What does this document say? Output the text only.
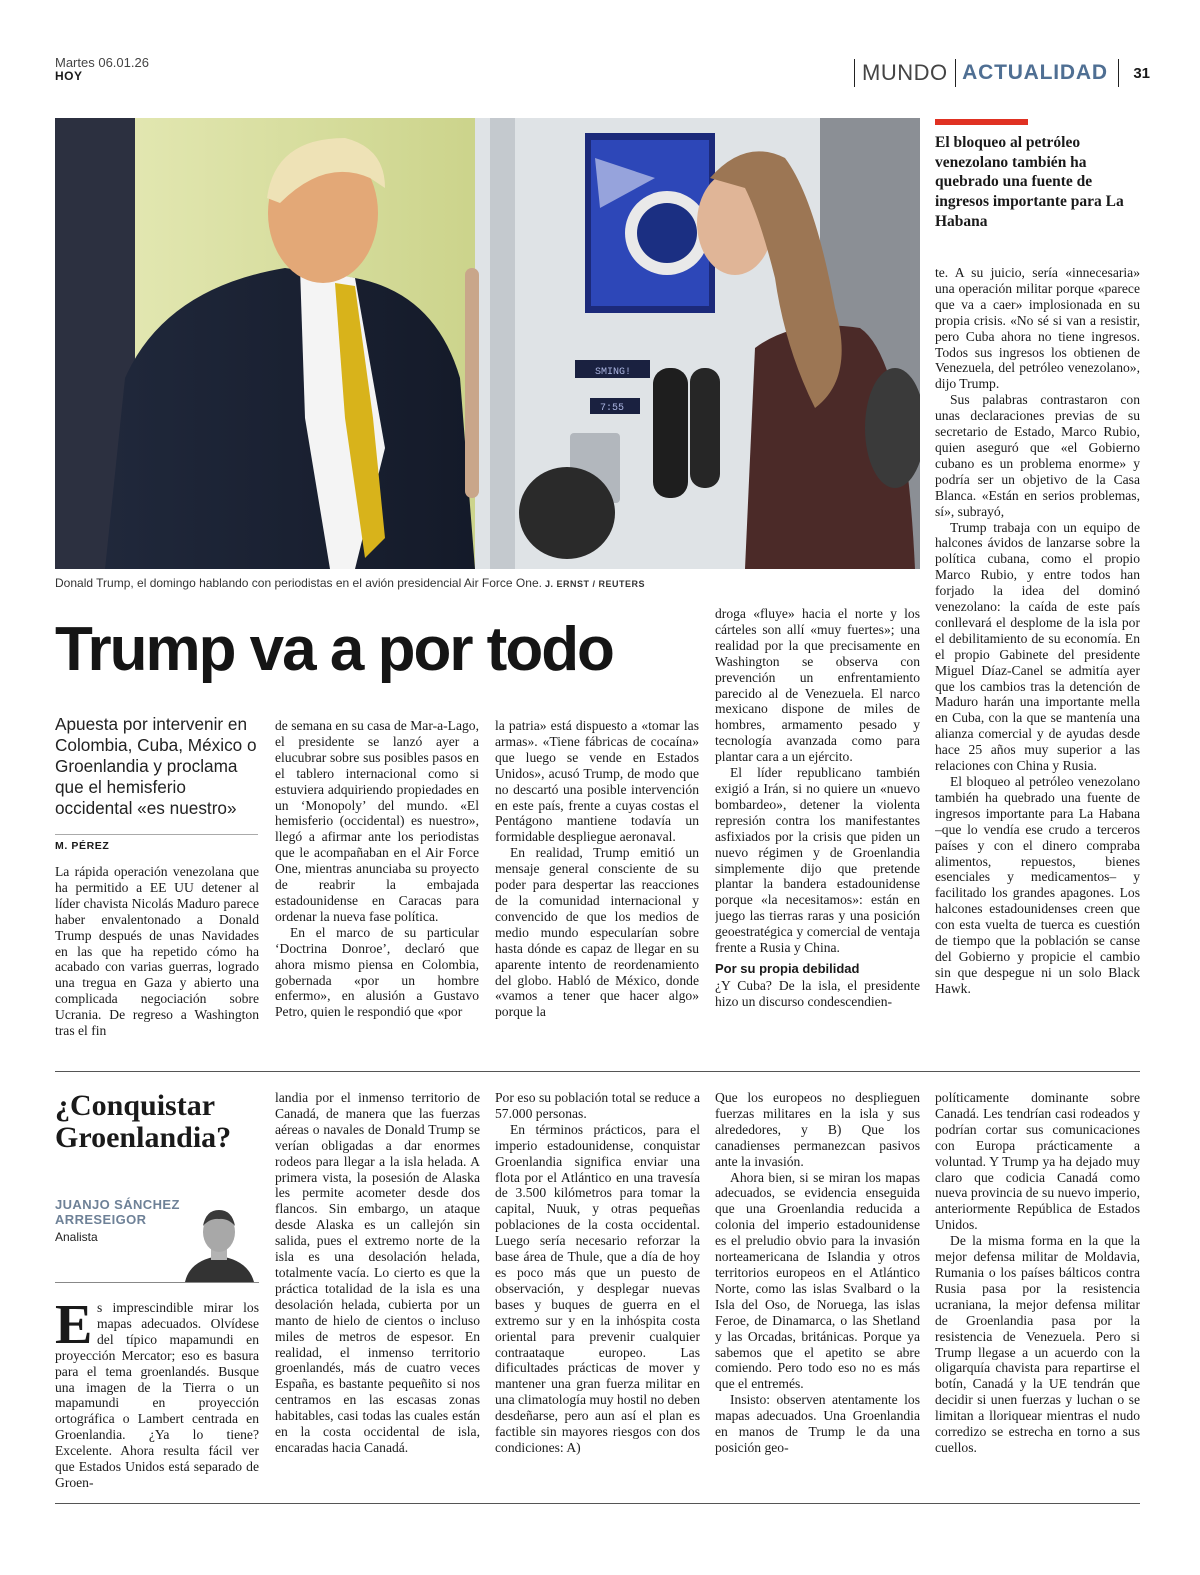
Martes 06.01.26
HOY	MUNDO ACTUALIDAD	31
SMING!
7:55
Donald Trump, el domingo hablando con periodistas en el avión presidencial Air Force One. J. ERNST / REUTERS
El bloqueo al petróleo venezolano también ha quebrado una fuente de ingresos importante para La Habana
Trump va a por todo
Apuesta por intervenir en Colombia, Cuba, México o Groenlandia y proclama que el hemisferio occidental «es nuestro»
M. PÉREZ

La rápida operación venezolana que ha permitido a EE UU detener al líder chavista Nicolás Maduro parece haber envalentonado a Donald Trump después de unas Navidades en las que ha repetido cómo ha acabado con varias guerras, logrado una tregua en Gaza y abierto una complicada negociación sobre Ucrania. De regreso a Washington tras el fin

de semana en su casa de Mar-a-Lago, el presidente se lanzó ayer a elucubrar sobre sus posibles pasos en el tablero internacional como si estuviera adquiriendo propiedades en un ‘Monopoly’ del mundo. «El hemisferio (occidental) es nuestro», llegó a afirmar ante los periodistas que le acompañaban en el Air Force One, mientras anunciaba su proyecto de reabrir la embajada estadounidense en Caracas para ordenar la nueva fase política.

En el marco de su particular ‘Doctrina Donroe’, declaró que ahora mismo piensa en Colombia, gobernada «por un hombre enfermo», en alusión a Gustavo Petro, quien le respondió que «por

la patria» está dispuesto a «tomar las armas». «Tiene fábricas de cocaína» que luego se vende en Estados Unidos», acusó Trump, de modo que no descartó una posible intervención en este país, frente a cuyas costas el Pentágono mantiene todavía un formidable despliegue aeronaval.

En realidad, Trump emitió un mensaje general consciente de su poder para despertar las reacciones de la comunidad internacional y convencido de que los medios de medio mundo especularían sobre hasta dónde es capaz de llegar en su aparente intento de reordenamiento del globo. Habló de México, donde «vamos a tener que hacer algo» porque la

droga «fluye» hacia el norte y los cárteles son allí «muy fuertes»; una realidad por la que precisamente en Washington se observa con prevención un enfrentamiento parecido al de Venezuela. El narco mexicano dispone de miles de hombres, armamento pesado y tecnología avanzada como para plantar cara a un ejército.

El líder republicano también exigió a Irán, si no quiere un «nuevo bombardeo», detener la violenta represión contra los manifestantes asfixiados por la crisis que piden un nuevo régimen y de Groenlandia simplemente dijo que pretende plantar la bandera estadounidense porque «la necesitamos»: están en juego las tierras raras y una posición geoestratégica y comercial de ventaja frente a Rusia y China.

Por su propia debilidad

¿Y Cuba? De la isla, el presidente hizo un discurso condescendien-

te. A su juicio, sería «innecesaria» una operación militar porque «parece que va a caer» implosionada en su propia crisis. «No sé si van a resistir, pero Cuba ahora no tiene ingresos. Todos sus ingresos los obtienen de Venezuela, del petróleo venezolano», dijo Trump.

Sus palabras contrastaron con unas declaraciones previas de su secretario de Estado, Marco Rubio, quien aseguró que «el Gobierno cubano es un problema enorme» y podría ser un objetivo de la Casa Blanca. «Están en serios problemas, sí», subrayó,

Trump trabaja con un equipo de halcones ávidos de lanzarse sobre la política cubana, como el propio Marco Rubio, y entre todos han forjado la idea del dominó venezolano: la caída de este país conllevará el desplome de la isla por el debilitamiento de su economía. En el propio Gabinete del presidente Miguel Díaz-Canel se admitía ayer que los cambios tras la detención de Maduro harán una importante mella en Cuba, con la que se mantenía una alianza comercial y de ayudas desde hace 25 años muy superior a las relaciones con China y Rusia.

El bloqueo al petróleo venezolano también ha quebrado una fuente de ingresos importante para La Habana –que lo vendía ese crudo a terceros países y con el dinero compraba alimentos, repuestos, bienes esenciales y medicamentos– y facilitado los grandes apagones. Los halcones estadounidenses creen que con esta vuelta de tuerca es cuestión de tiempo que la población se canse del Gobierno y propicie el cambio sin que despegue ni un solo Black Hawk.

¿Conquistar Groenlandia?
JUANJO SÁNCHEZ ARRESEIGOR
Analista
E s imprescindible mirar los mapas adecuados. Olvídese del típico mapamundi en proyección Mercator; eso es basura para el tema groenlandés. Busque una imagen de la Tierra o un mapamundi en proyección ortográfica o Lambert centrada en Groenlandia. ¿Ya lo tiene? Excelente. Ahora resulta fácil ver que Estados Unidos está separado de Groen-

landia por el inmenso territorio de Canadá, de manera que las fuerzas aéreas o navales de Donald Trump se verían obligadas a dar enormes rodeos para llegar a la isla helada. A primera vista, la posesión de Alaska les permite acometer desde dos flancos. Sin embargo, un ataque desde Alaska es un callejón sin salida, pues el extremo norte de la isla es una desolación helada, totalmente vacía. Lo cierto es que la práctica totalidad de la isla es una desolación helada, cubierta por un manto de hielo de cientos o incluso miles de metros de espesor. En realidad, el inmenso territorio groenlandés, más de cuatro veces España, es bastante pequeñito si nos centramos en las escasas zonas habitables, casi todas las cuales están en la costa occidental de isla, encaradas hacia Canadá.

Por eso su población total se reduce a 57.000 personas.

En términos prácticos, para el imperio estadounidense, conquistar Groenlandia significa enviar una flota por el Atlántico en una travesía de 3.500 kilómetros para tomar la capital, Nuuk, y otras pequeñas poblaciones de la costa occidental. Luego sería necesario reforzar la base área de Thule, que a día de hoy es poco más que un puesto de observación, y desplegar nuevas bases y buques de guerra en el extremo sur y en la inhóspita costa oriental para prevenir cualquier contraataque europeo. Las dificultades prácticas de mover y mantener una gran fuerza militar en una climatología muy hostil no deben desdeñarse, pero aun así el plan es factible sin mayores riesgos con dos condiciones: A)

Que los europeos no desplieguen fuerzas militares en la isla y sus alrededores, y B) Que los canadienses permanezcan pasivos ante la invasión.

Ahora bien, si se miran los mapas adecuados, se evidencia enseguida que una Groenlandia reducida a colonia del imperio estadounidense es el preludio obvio para la invasión norteamericana de Islandia y otros territorios europeos en el Atlántico Norte, como las islas Svalbard o la Isla del Oso, de Noruega, las islas Feroe, de Dinamarca, o las Shetland y las Orcadas, británicas. Porque ya sabemos que el apetito se abre comiendo. Pero todo eso no es más que el entremés.

Insisto: observen atentamente los mapas adecuados. Una Groenlandia en manos de Trump le da una posición geo-

políticamente dominante sobre Canadá. Les tendrían casi rodeados y podrían cortar sus comunicaciones con Europa prácticamente a voluntad. Y Trump ya ha dejado muy claro que codicia Canadá como nueva provincia de su nuevo imperio, anteriormente República de Estados Unidos.

De la misma forma en la que la mejor defensa militar de Moldavia, Rumania o los países bálticos contra Rusia pasa por la resistencia ucraniana, la mejor defensa militar de Groenlandia pasa por la resistencia de Venezuela. Pero si Trump llegase a un acuerdo con la oligarquía chavista para repartirse el botín, Canadá y la UE tendrán que decidir si unen fuerzas y luchan o se limitan a lloriquear mientras el nudo corredizo se estrecha en torno a sus cuellos.
